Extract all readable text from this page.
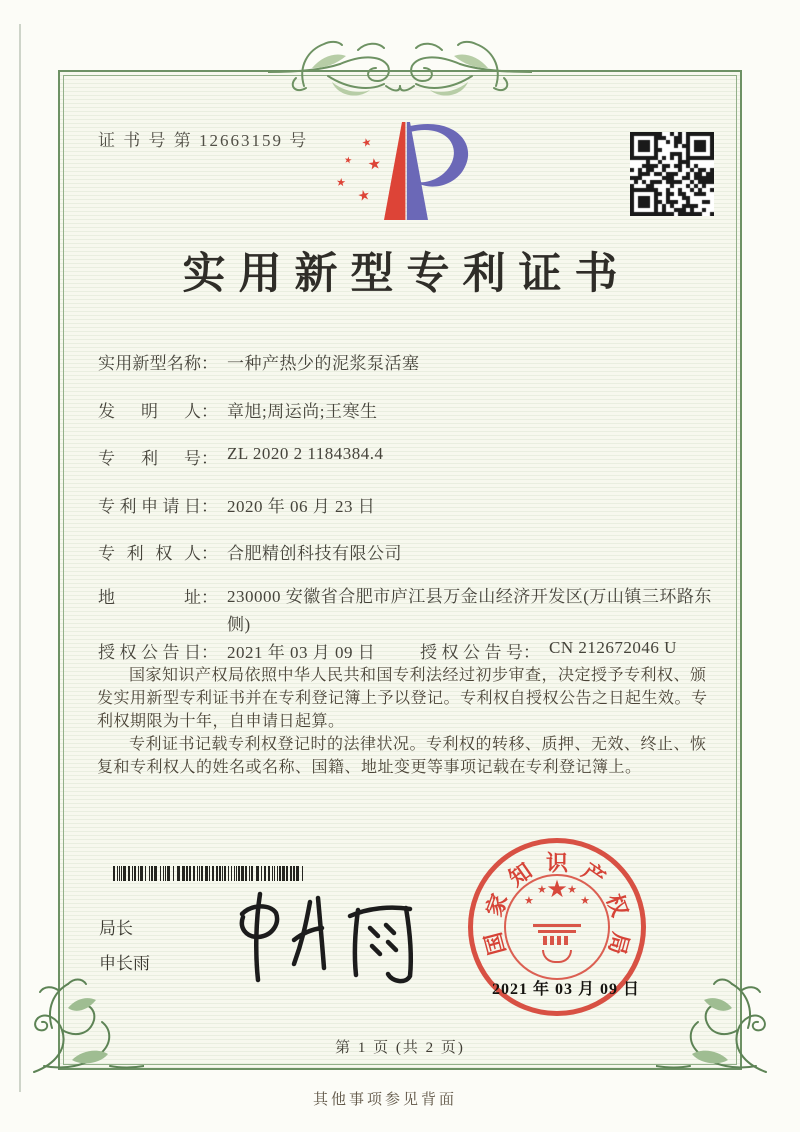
证 书 号 第 12663159 号	★
★ ★
★
★
实用新型专利证书
实用新型名称： 一种产热少的泥浆泵活塞
发明人： 章旭;周运尚;王寒生
专利号： ZL 2020 2 1184384.4
专利申请日： 2020 年 06 月 23 日
专利权人： 合肥精创科技有限公司
地址： 230000 安徽省合肥市庐江县万金山经济开发区(万山镇三环路东侧)
授权公告日： 2021 年 03 月 09 日	授权公告号： CN 212672046 U

国家知识产权局依照中华人民共和国专利法经过初步审查，决定授予专利权、颁发实用新型专利证书并在专利登记簿上予以登记。专利权自授权公告之日起生效。专利权期限为十年，自申请日起算。

专利证书记载专利权登记时的法律状况。专利权的转移、质押、无效、终止、恢复和专利权人的姓名或名称、国籍、地址变更等事项记载在专利登记簿上。

局长
申长雨
国
家
知 识 产
权
局
★
★
★ ★
★
2021 年 03 月 09 日
第 1 页 (共 2 页)
其他事项参见背面
